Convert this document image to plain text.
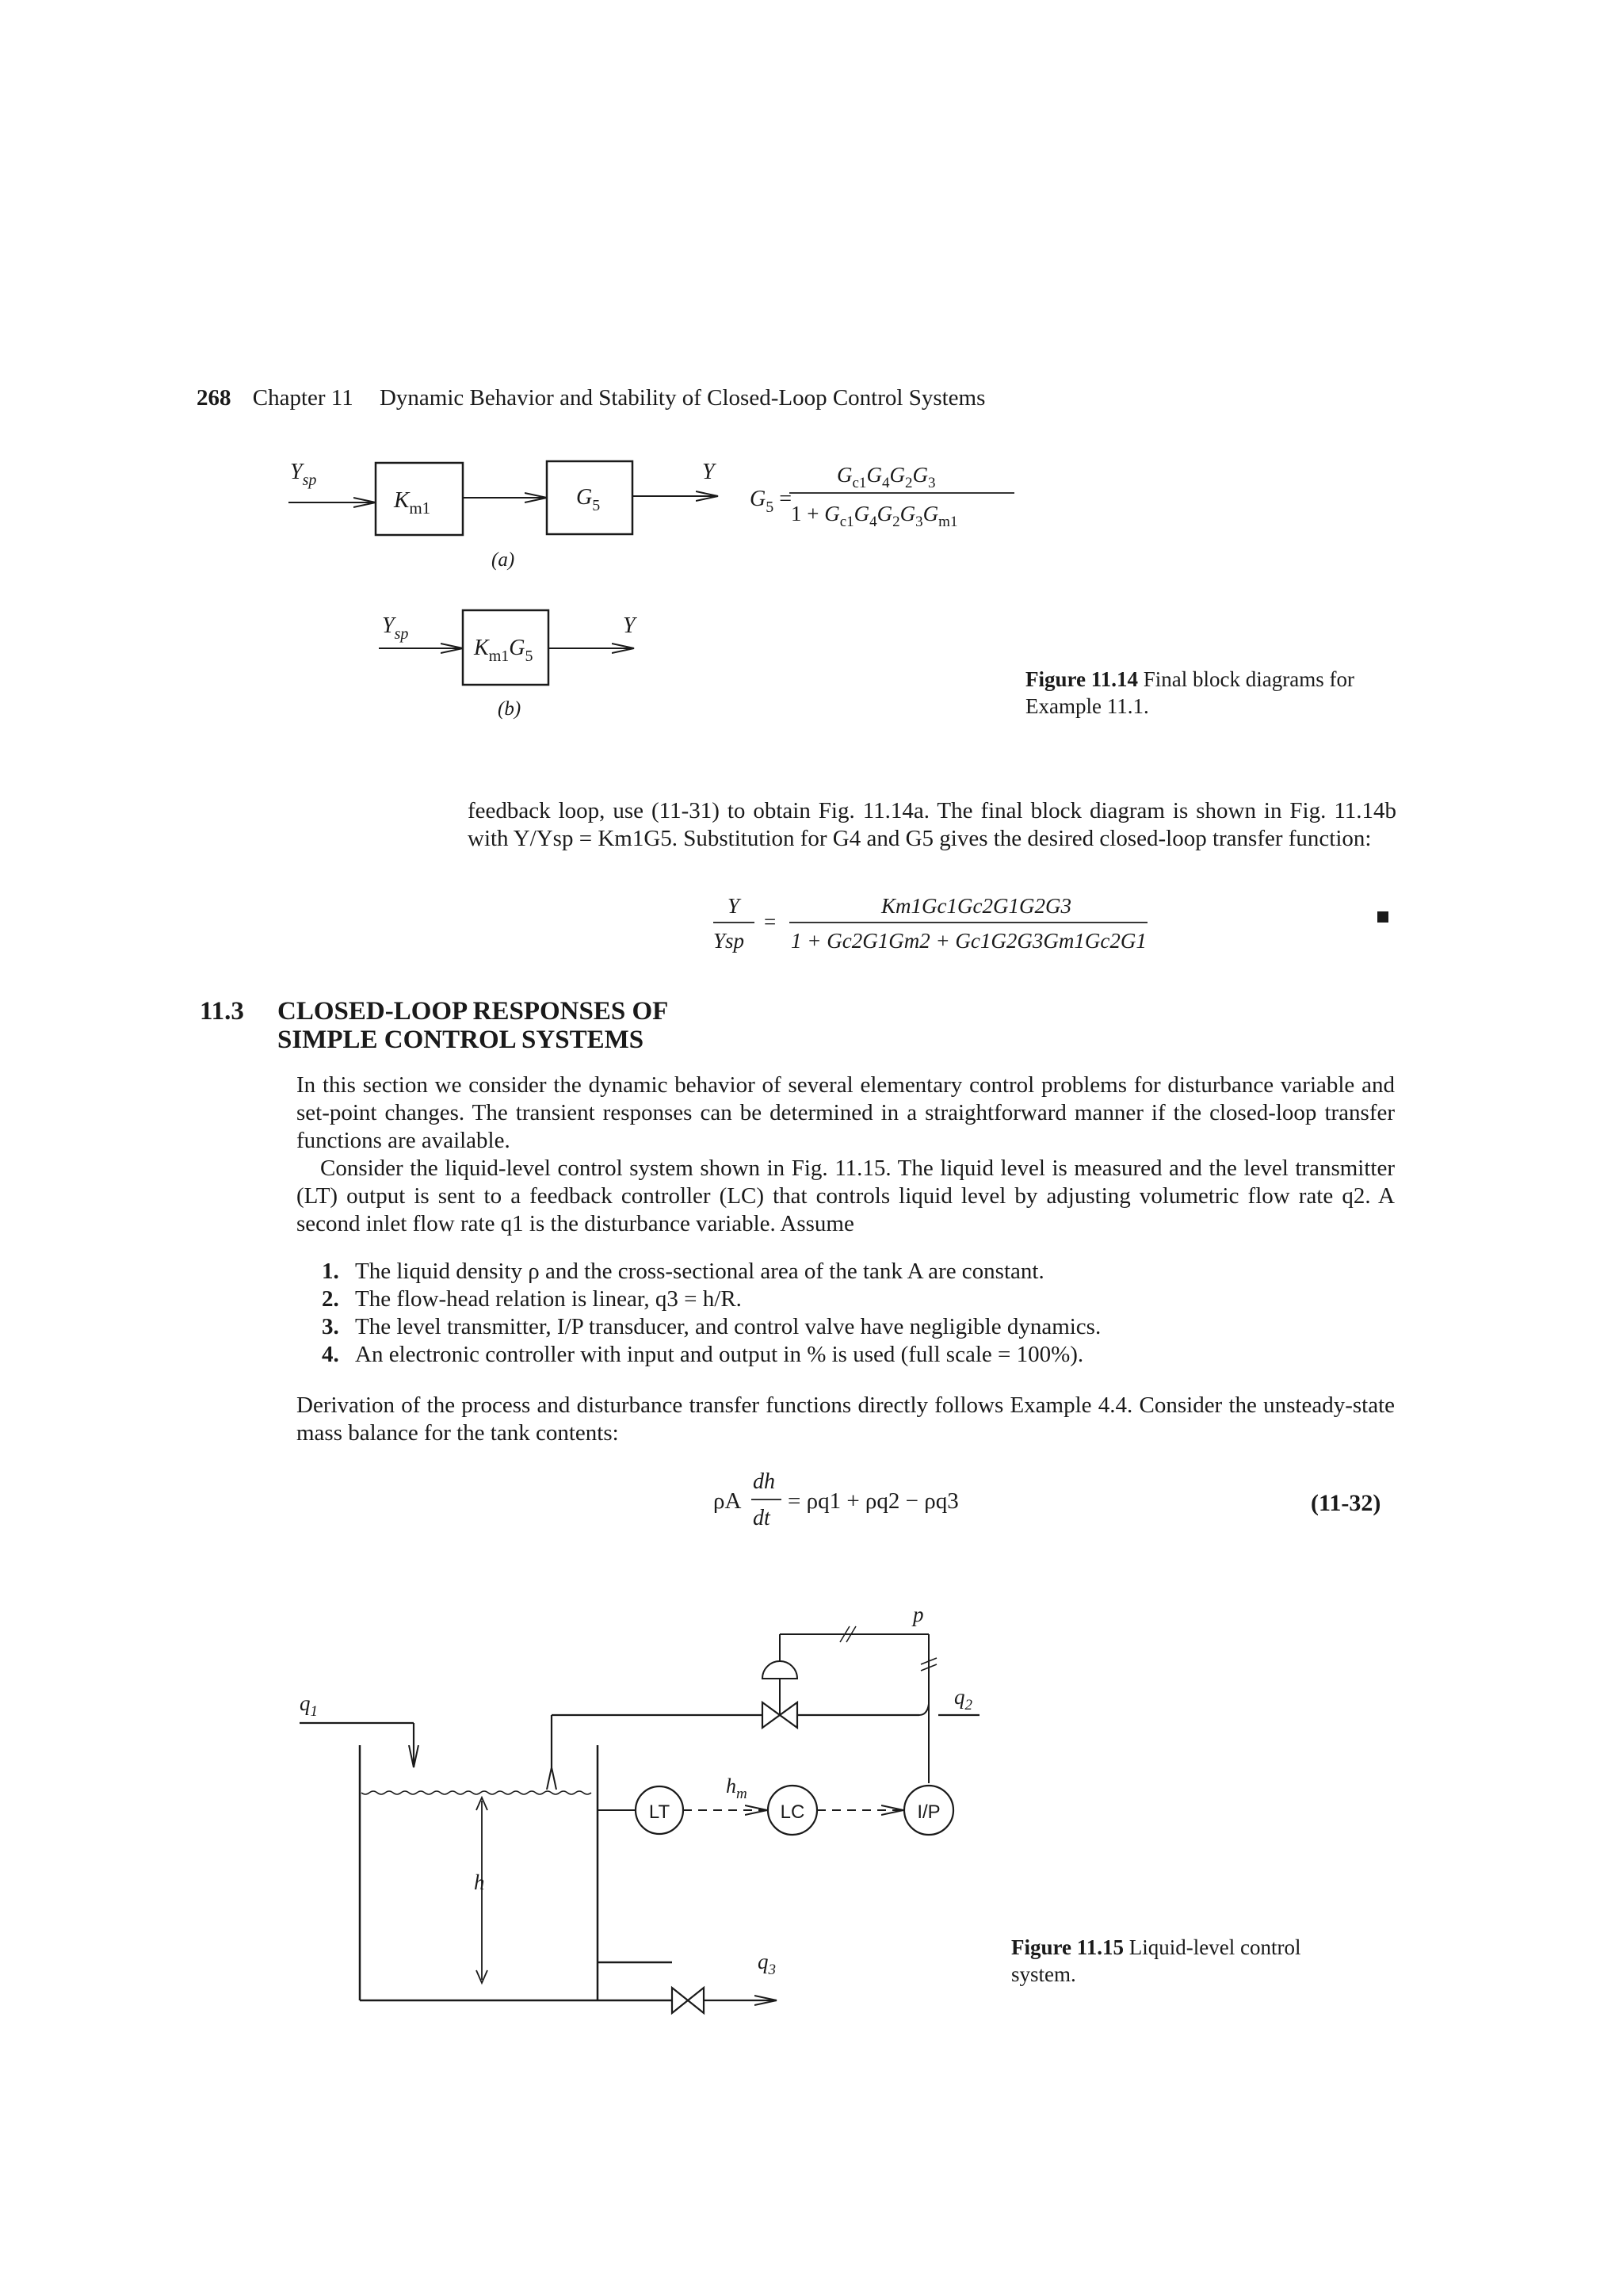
268 Chapter 11 Dynamic Behavior and Stability of Closed-Loop Control Systems
$Y_{sp}$
$K_{m1}$	$G_5$
Y
(a)
$G_5$ =
$G_{c1}G_4G_2G_3$
$1 + G_{c1}G_4G_2G_3G_{m1}$
$Y_{sp}$
$K_{m1}G_5$
Y
(b)
Figure 11.14 Final block diagrams for Example 11.1.
feedback loop, use (11-31) to obtain Fig. 11.14a. The final block diagram is shown in Fig. 11.14b with Y/Ysp = Km1G5. Substitution for G4 and G5 gives the desired closed-loop transfer function:
Y
Ysp
=
Km1Gc1Gc2G1G2G3
1 + Gc2G1Gm2 + Gc1G2G3Gm1Gc2G1
11.3 CLOSED-LOOP RESPONSES OF
SIMPLE CONTROL SYSTEMS
In this section we consider the dynamic behavior of several elementary control problems for disturbance variable and set-point changes. The transient responses can be determined in a straightforward manner if the closed-loop transfer functions are available.
Consider the liquid-level control system shown in Fig. 11.15. The liquid level is measured and the level transmitter (LT) output is sent to a feedback controller (LC) that controls liquid level by adjusting volumetric flow rate q2. A second inlet flow rate q1 is the disturbance variable. Assume
1. The liquid density ρ and the cross-sectional area of the tank A are constant.
2. The flow-head relation is linear, q3 = h/R.
3. The level transmitter, I/P transducer, and control valve have negligible dynamics.
4. An electronic controller with input and output in % is used (full scale = 100%).
Derivation of the process and disturbance transfer functions directly follows Example 4.4. Consider the unsteady-state mass balance for the tank contents:
ρA
dh
dt
= ρq1 + ρq2 − ρq3	(11-32)
h
$q_1$
$q_2$
p
LT
$h_m$
LC	I/P
$q_3$
Figure 11.15 Liquid-level control system.
